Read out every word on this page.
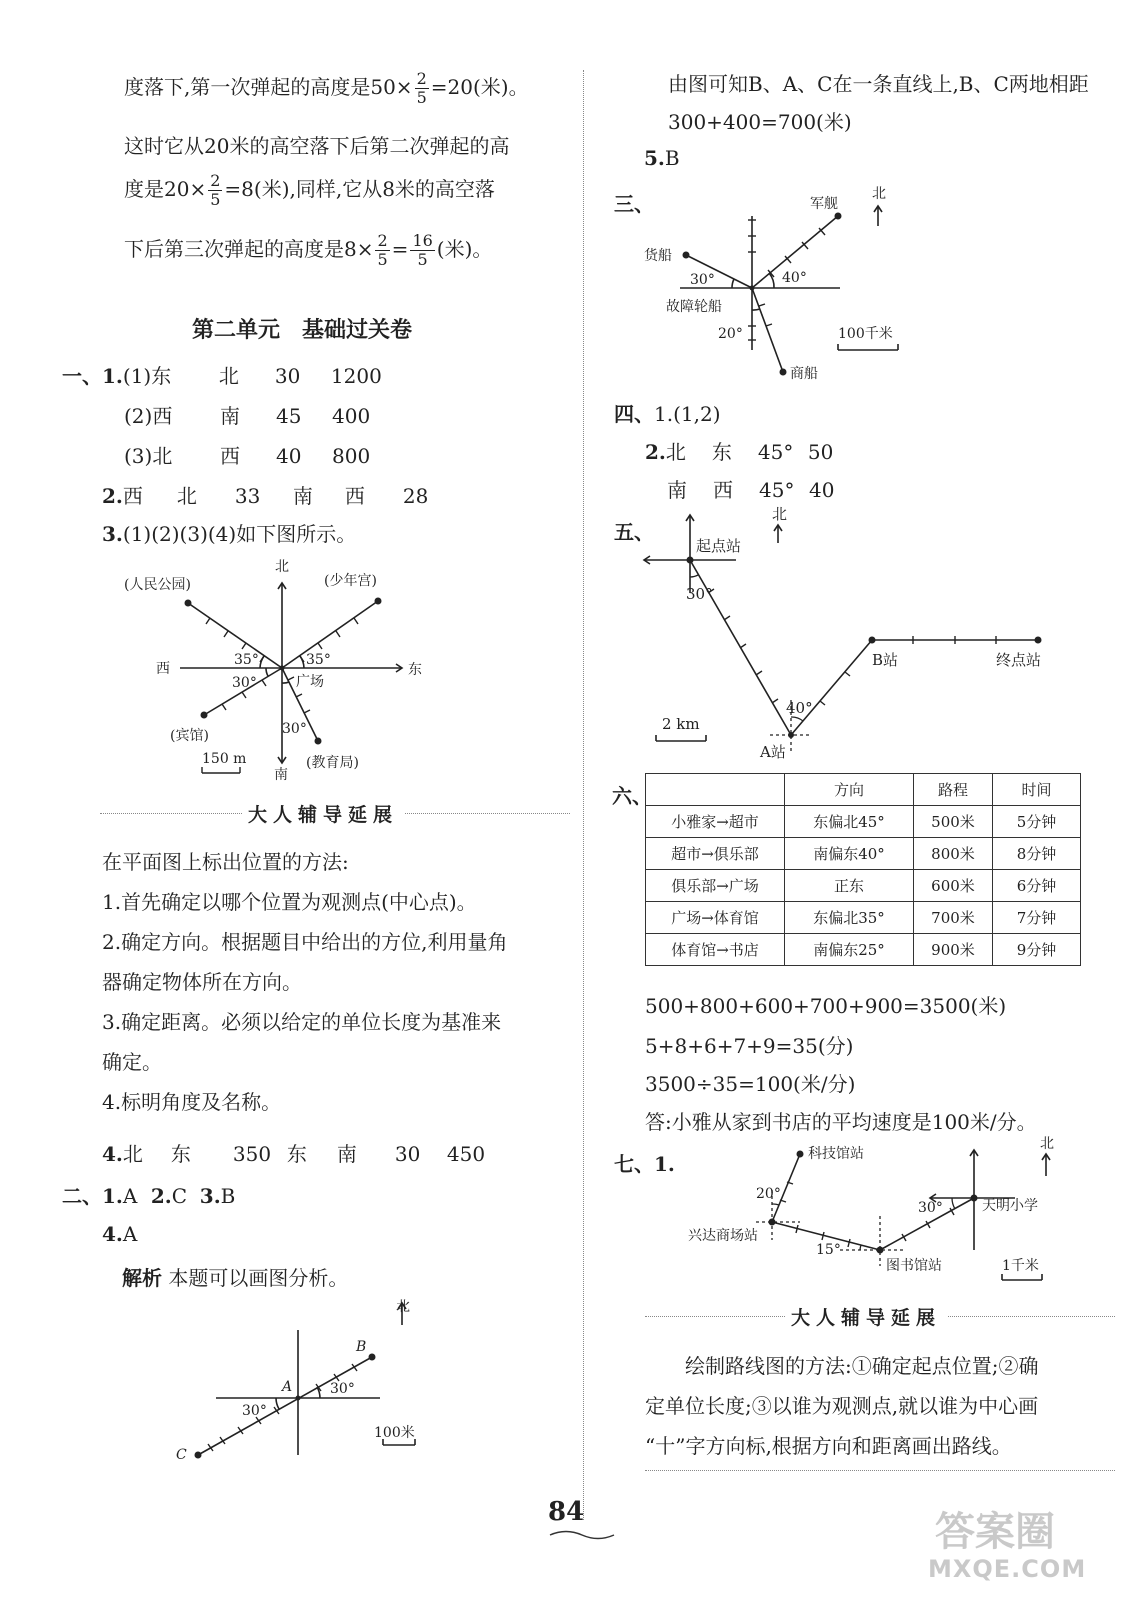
度落下,第一次弹起的高度是$50\times \frac{2}{5} =20$(米)。
这时它从20米的高空落下后第二次弹起的高
度是$20\times \frac{2}{5} =8$(米),同样,它从8米的高空落
下后第三次弹起的高度是$8\times \frac{2}{5} = \frac{16}{5}$ (米)。
第二单元　基础过关卷
一、1.(1)东 北 30 1200
(2)西 南 45 400
(3)北 西 40 800
2.西 北 33 南 西 28
3.(1)(2)(3)(4)如下图所示。
北
南
西	东
(人民公园)	(少年宫)
(宾馆)
(教育局)
广场
35°	35°
30°
30°
150 m
大人辅导延展
在平面图上标出位置的方法:
1.首先确定以哪个位置为观测点(中心点)。
2.确定方向。根据题目中给出的方位,利用量角
器确定物体所在方向。
3.确定距离。必须以给定的单位长度为基准来
确定。
4.标明角度及名称。
4.北 东 350 东 南 30 450
二、1.A 2.C 3.B
4.A
解析 本题可以画图分析。
北
A
B
C
30°
30°
100米
由图可知B、A、C在一条直线上,B、C两地相距
300+400=700(米)
5.B
三、	北
军舰
货船
故障轮船
商船
30°	40°
20°	100千米
四、1.(1,2)
2.北 东 45° 50
南 西 45° 40
五、
北
起点站
B站	终点站
A站
30°
40°
2 km
六、
		方向	路程	时间
小雅家→超市	东偏北45°	500米	5分钟
超市→俱乐部	南偏东40°	800米	8分钟
俱乐部→广场	正东	600米	6分钟
广场→体育馆	东偏北35°	700米	7分钟
体育馆→书店	南偏东25°	900米	9分钟
500+800+600+700+900=3500(米)
5+8+6+7+9=35(分)
3500÷35=100(米/分)
答:小雅从家到书店的平均速度是100米/分。
七、1.
北
科技馆站
兴达商场站
图书馆站
天明小学
20°
15°
30°
1千米
大人辅导延展
绘制路线图的方法:①确定起点位置;②确
定单位长度;③以谁为观测点,就以谁为中心画
“十”字方向标,根据方向和距离画出路线。
84	答案圈
MXQE.COM
